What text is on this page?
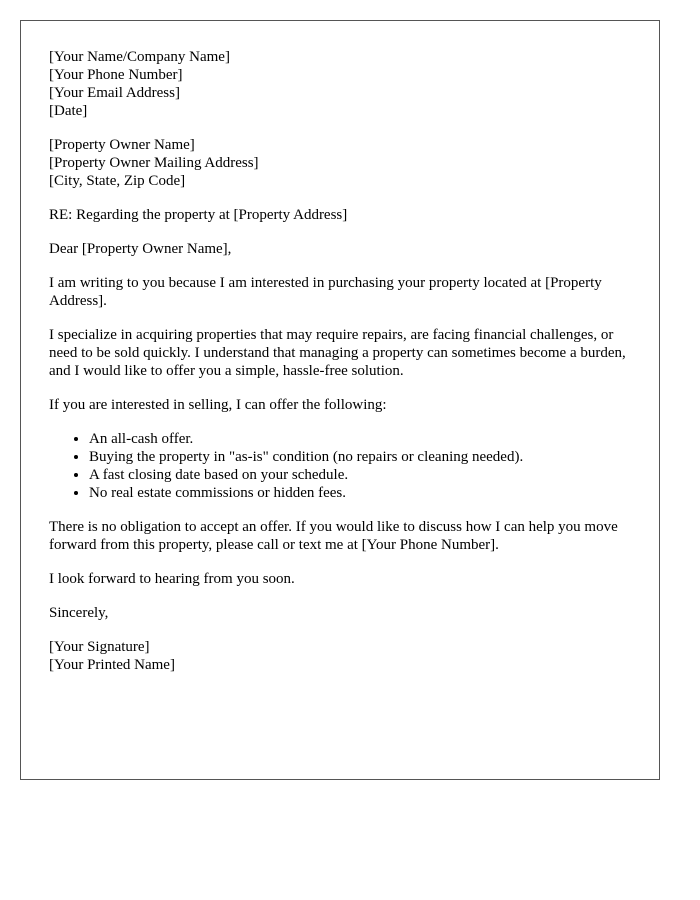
[Your Name/Company Name]
[Your Phone Number]
[Your Email Address]
[Date]
[Property Owner Name]
[Property Owner Mailing Address]
[City, State, Zip Code]

RE: Regarding the property at [Property Address]

Dear [Property Owner Name],

I am writing to you because I am interested in purchasing your property located at [Property Address].

I specialize in acquiring properties that may require repairs, are facing financial challenges, or need to be sold quickly. I understand that managing a property can sometimes become a burden, and I would like to offer you a simple, hassle-free solution.

If you are interested in selling, I can offer the following:

• An all-cash offer.
• Buying the property in "as-is" condition (no repairs or cleaning needed).
• A fast closing date based on your schedule.
• No real estate commissions or hidden fees.

There is no obligation to accept an offer. If you would like to discuss how I can help you move forward from this property, please call or text me at [Your Phone Number].

I look forward to hearing from you soon.

Sincerely,

[Your Signature]
[Your Printed Name]
